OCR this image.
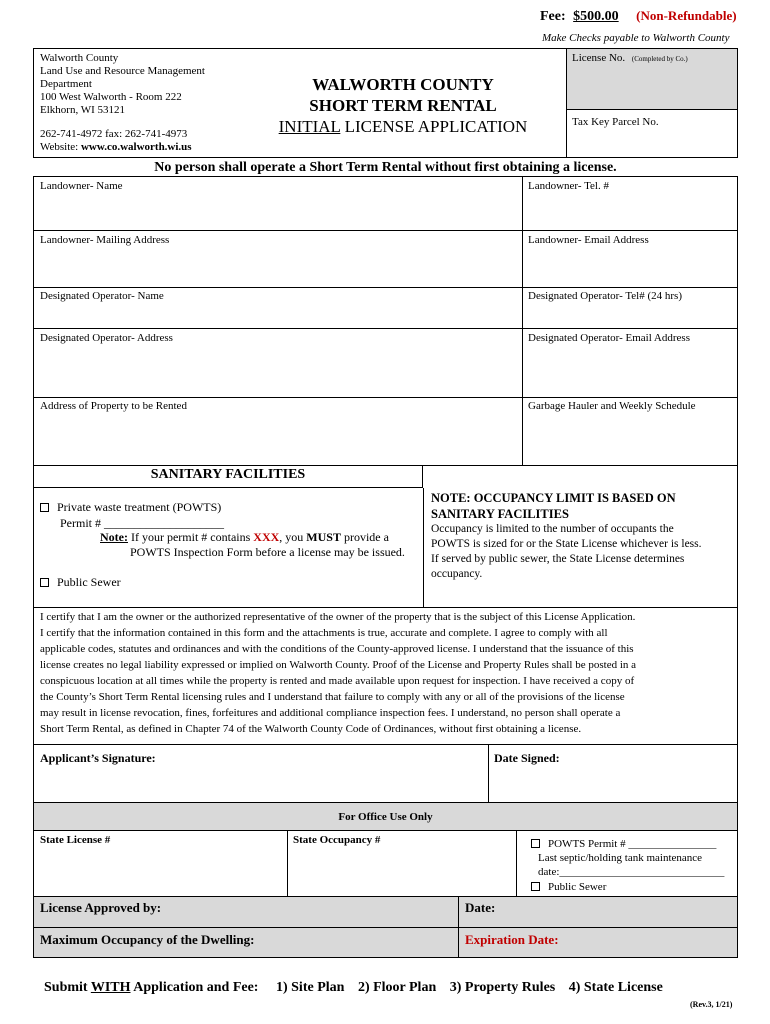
Fee: $500.00 (Non-Refundable)
Make Checks payable to Walworth County
Walworth County
Land Use and Resource Management
Department
100 West Walworth - Room 222
Elkhorn, WI 53121
262-741-4972 fax: 262-741-4973
Website: www.co.walworth.wi.us
WALWORTH COUNTY
SHORT TERM RENTAL
INITIAL LICENSE APPLICATION
License No. (Completed by Co.)
Tax Key Parcel No.
No person shall operate a Short Term Rental without first obtaining a license.
Landowner- Name	Landowner- Tel. #
Landowner- Mailing Address	Landowner- Email Address
Designated Operator- Name	Designated Operator- Tel# (24 hrs)
Designated Operator- Address	Designated Operator- Email Address
Address of Property to be Rented	Garbage Hauler and Weekly Schedule
SANITARY FACILITIES
Private waste treatment (POWTS)
Permit # ____________________
Note: If your permit # contains XXX, you MUST provide a
POWTS Inspection Form before a license may be issued.
Public Sewer
NOTE: OCCUPANCY LIMIT IS BASED ON
SANITARY FACILITIES
Occupancy is limited to the number of occupants the
POWTS is sized for or the State License whichever is less.
If served by public sewer, the State License determines
occupancy.
I certify that I am the owner or the authorized representative of the owner of the property that is the subject of this License Application.
I certify that the information contained in this form and the attachments is true, accurate and complete. I agree to comply with all
applicable codes, statutes and ordinances and with the conditions of the County-approved license. I understand that the issuance of this
license creates no legal liability expressed or implied on Walworth County. Proof of the License and Property Rules shall be posted in a
conspicuous location at all times while the property is rented and made available upon request for inspection. I have received a copy of
the County’s Short Term Rental licensing rules and I understand that failure to comply with any or all of the provisions of the license
may result in license revocation, fines, forfeitures and additional compliance inspection fees. I understand, no person shall operate a
Short Term Rental, as defined in Chapter 74 of the Walworth County Code of Ordinances, without first obtaining a license.
Applicant’s Signature:	Date Signed:
For Office Use Only
State License #	State Occupancy #	POWTS Permit # ________________
Last septic/holding tank maintenance
date:______________________________
Public Sewer
License Approved by:	Date:
Maximum Occupancy of the Dwelling:	Expiration Date:
Submit WITH Application and Fee: 1) Site Plan 2) Floor Plan 3) Property Rules 4) State License
(Rev.3, 1/21)
